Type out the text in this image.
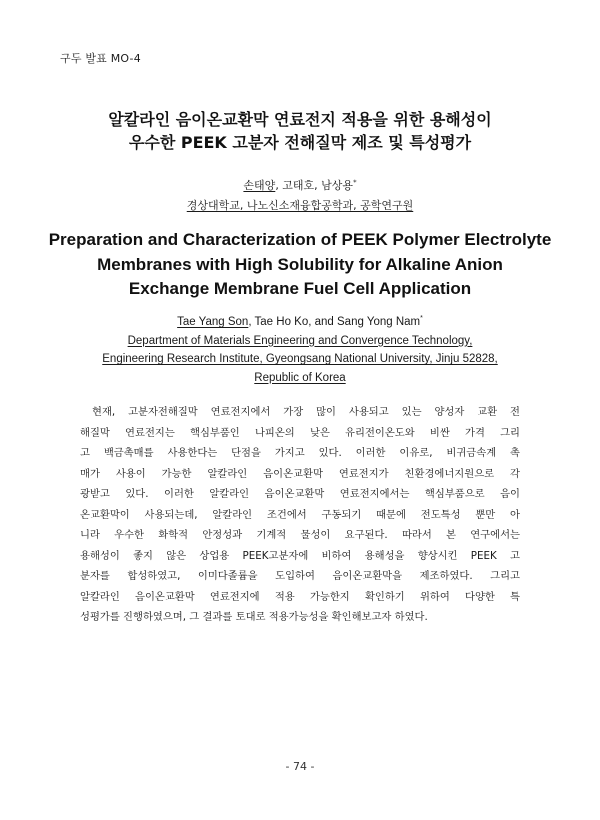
구두 발표 MO-4
알칼라인 음이온교환막 연료전지 적용을 위한 용해성이
우수한 PEEK 고분자 전해질막 제조 및 특성평가
손태양, 고태호, 남상용*
경상대학교, 나노신소재융합공학과, 공학연구원
Preparation and Characterization of PEEK Polymer Electrolyte
Membranes with High Solubility for Alkaline Anion
Exchange Membrane Fuel Cell Application
Tae Yang Son, Tae Ho Ko, and Sang Yong Nam*
Department of Materials Engineering and Convergence Technology,
Engineering Research Institute, Gyeongsang National University, Jinju 52828,
Republic of Korea
현재, 고분자전해질막 연료전지에서 가장 많이 사용되고 있는 양성자 교환 전
해질막 연료전지는 핵심부품인 나피온의 낮은 유리전이온도와 비싼 가격 그리
고 백금촉매를 사용한다는 단점을 가지고 있다. 이러한 이유로, 비귀금속계 촉
매가 사용이 가능한 알칼라인 음이온교환막 연료전지가 친환경에너지원으로 각
광받고 있다. 이러한 알칼라인 음이온교환막 연료전지에서는 핵심부품으로 음이
온교환막이 사용되는데, 알칼라인 조건에서 구동되기 때문에 전도특성 뿐만 아
니라 우수한 화학적 안정성과 기계적 물성이 요구된다. 따라서 본 연구에서는
용해성이 좋지 않은 상업용 PEEK고분자에 비하여 용해성을 향상시킨 PEEK 고
분자를 합성하였고, 이미다졸륨을 도입하여 음이온교환막을 제조하였다. 그리고
알칼라인 음이온교환막 연료전지에 적용 가능한지 확인하기 위하여 다양한 특
성평가를 진행하였으며, 그 결과를 토대로 적용가능성을 확인해보고자 하였다.
- 74 -
